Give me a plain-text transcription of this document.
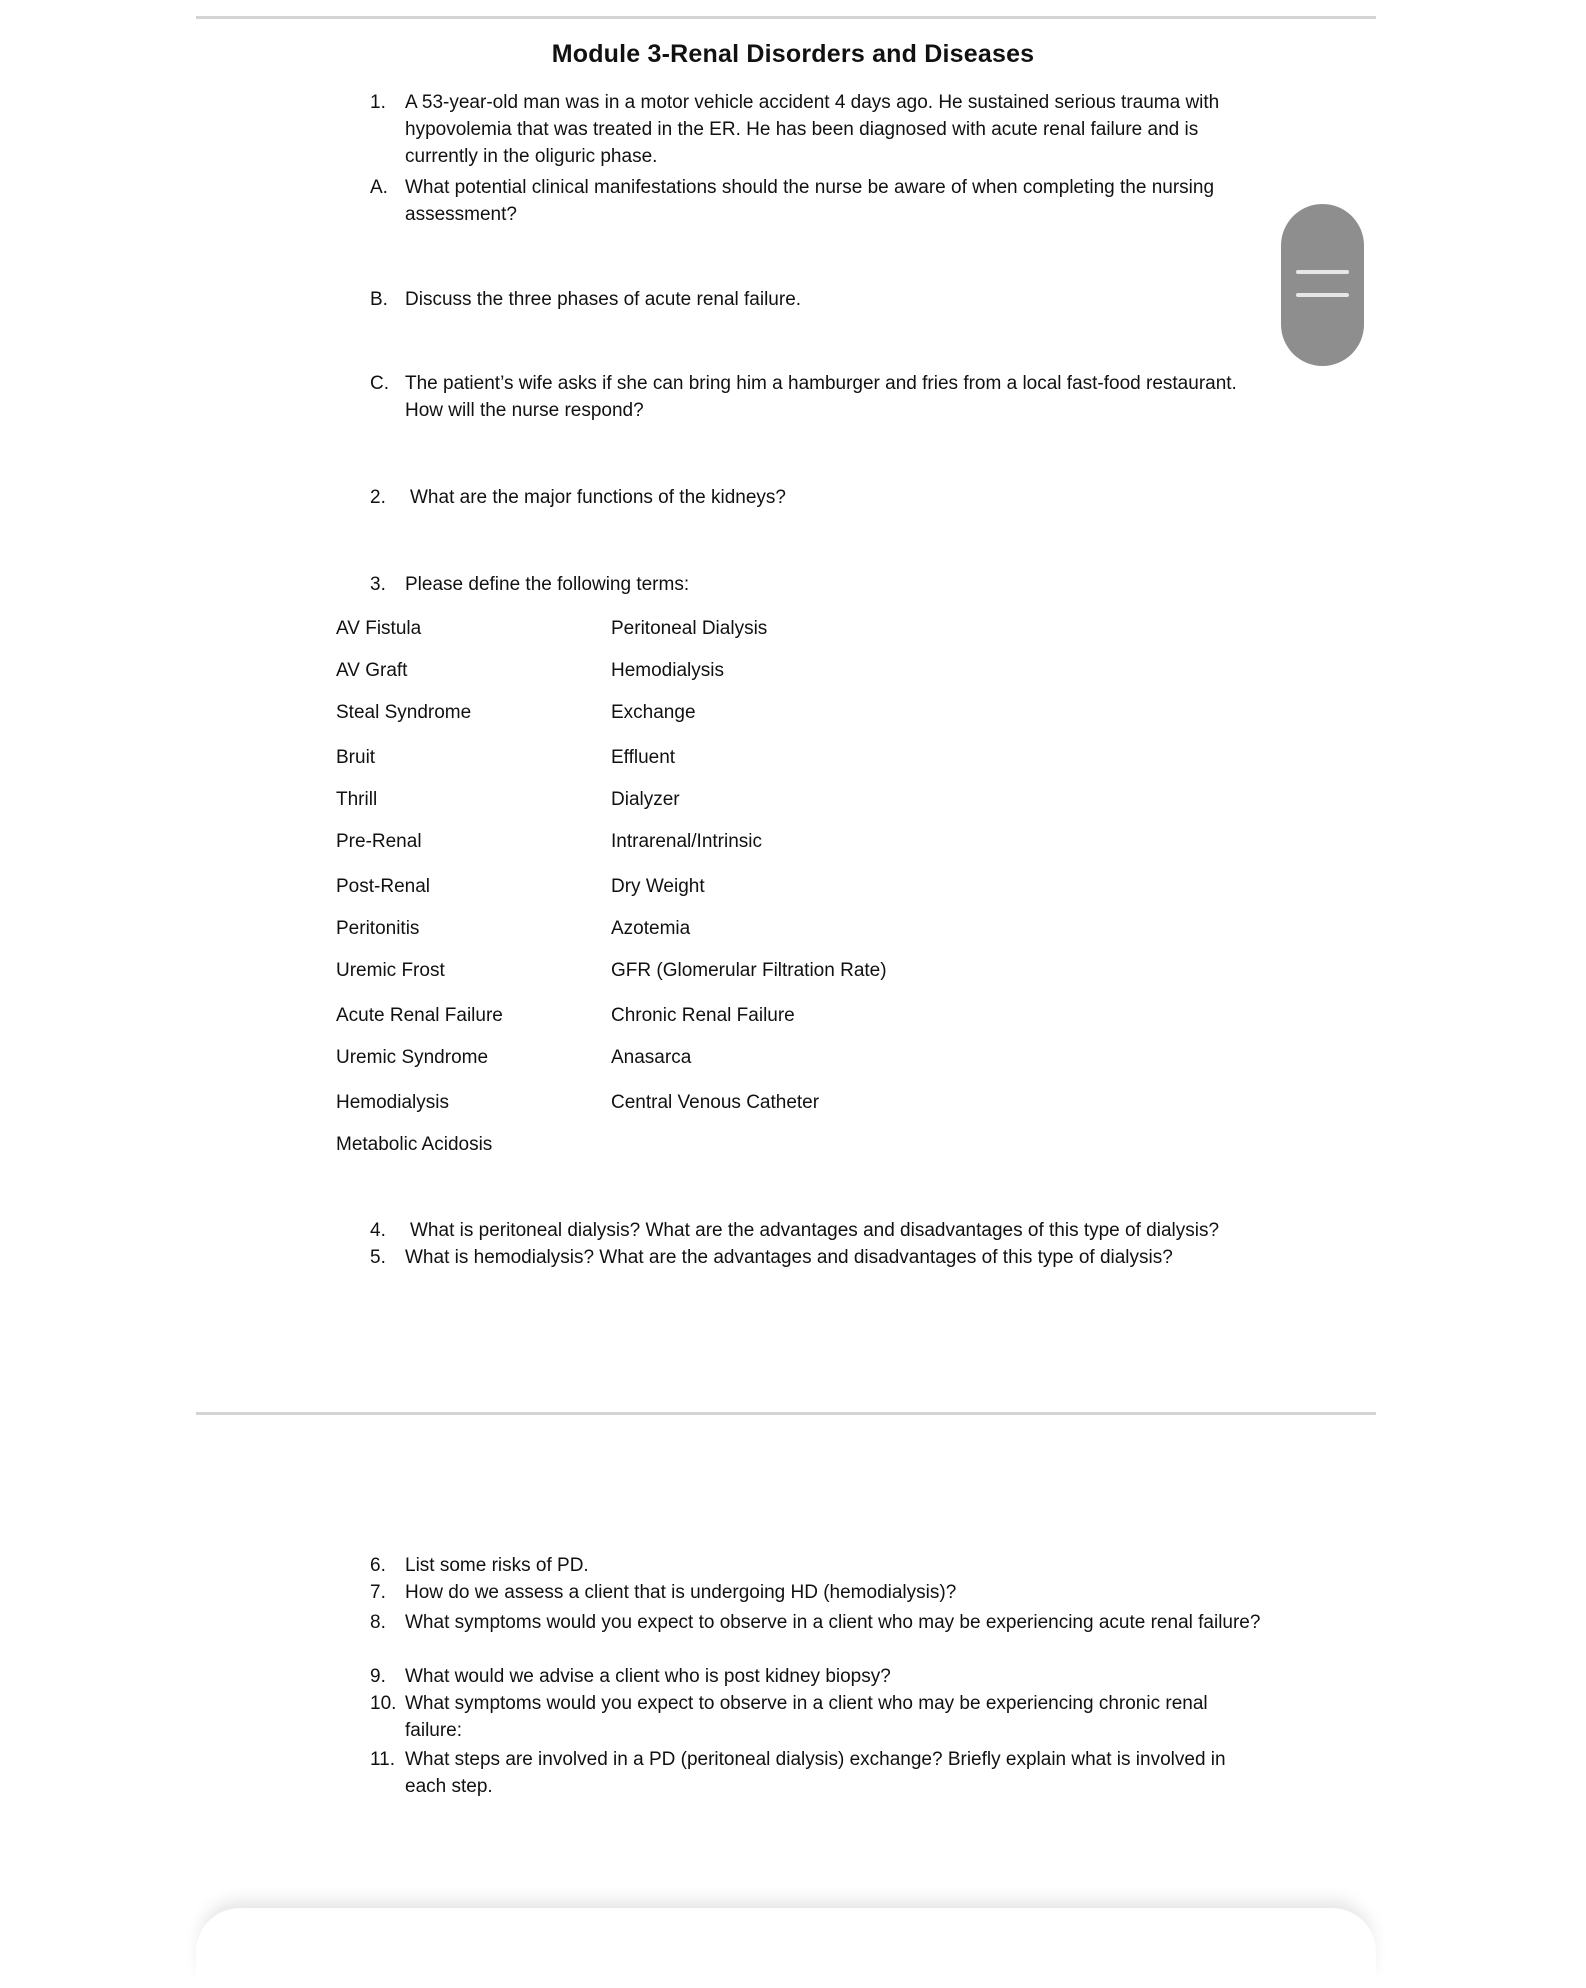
Module 3-Renal Disorders and Diseases
1. A 53-year-old man was in a motor vehicle accident 4 days ago. He sustained serious trauma with hypovolemia that was treated in the ER. He has been diagnosed with acute renal failure and is currently in the oliguric phase.
A. What potential clinical manifestations should the nurse be aware of when completing the nursing assessment?
B. Discuss the three phases of acute renal failure.
C. The patient’s wife asks if she can bring him a hamburger and fries from a local fast-food restaurant. How will the nurse respond?
2. What are the major functions of the kidneys?
3. Please define the following terms:
AV Fistula
AV Graft
Steal Syndrome
Bruit
Thrill
Pre-Renal
Post-Renal
Peritonitis
Uremic Frost
Acute Renal Failure
Uremic Syndrome
Hemodialysis
Metabolic Acidosis
Peritoneal Dialysis
Hemodialysis
Exchange
Effluent
Dialyzer
Intrarenal/Intrinsic
Dry Weight
Azotemia
GFR (Glomerular Filtration Rate)
Chronic Renal Failure
Anasarca
Central Venous Catheter
4. What is peritoneal dialysis? What are the advantages and disadvantages of this type of dialysis?
5. What is hemodialysis? What are the advantages and disadvantages of this type of dialysis?
6. List some risks of PD.
7. How do we assess a client that is undergoing HD (hemodialysis)?
8. What symptoms would you expect to observe in a client who may be experiencing acute renal failure?
9. What would we advise a client who is post kidney biopsy?
10. What symptoms would you expect to observe in a client who may be experiencing chronic renal failure:
11. What steps are involved in a PD (peritoneal dialysis) exchange? Briefly explain what is involved in each step.
